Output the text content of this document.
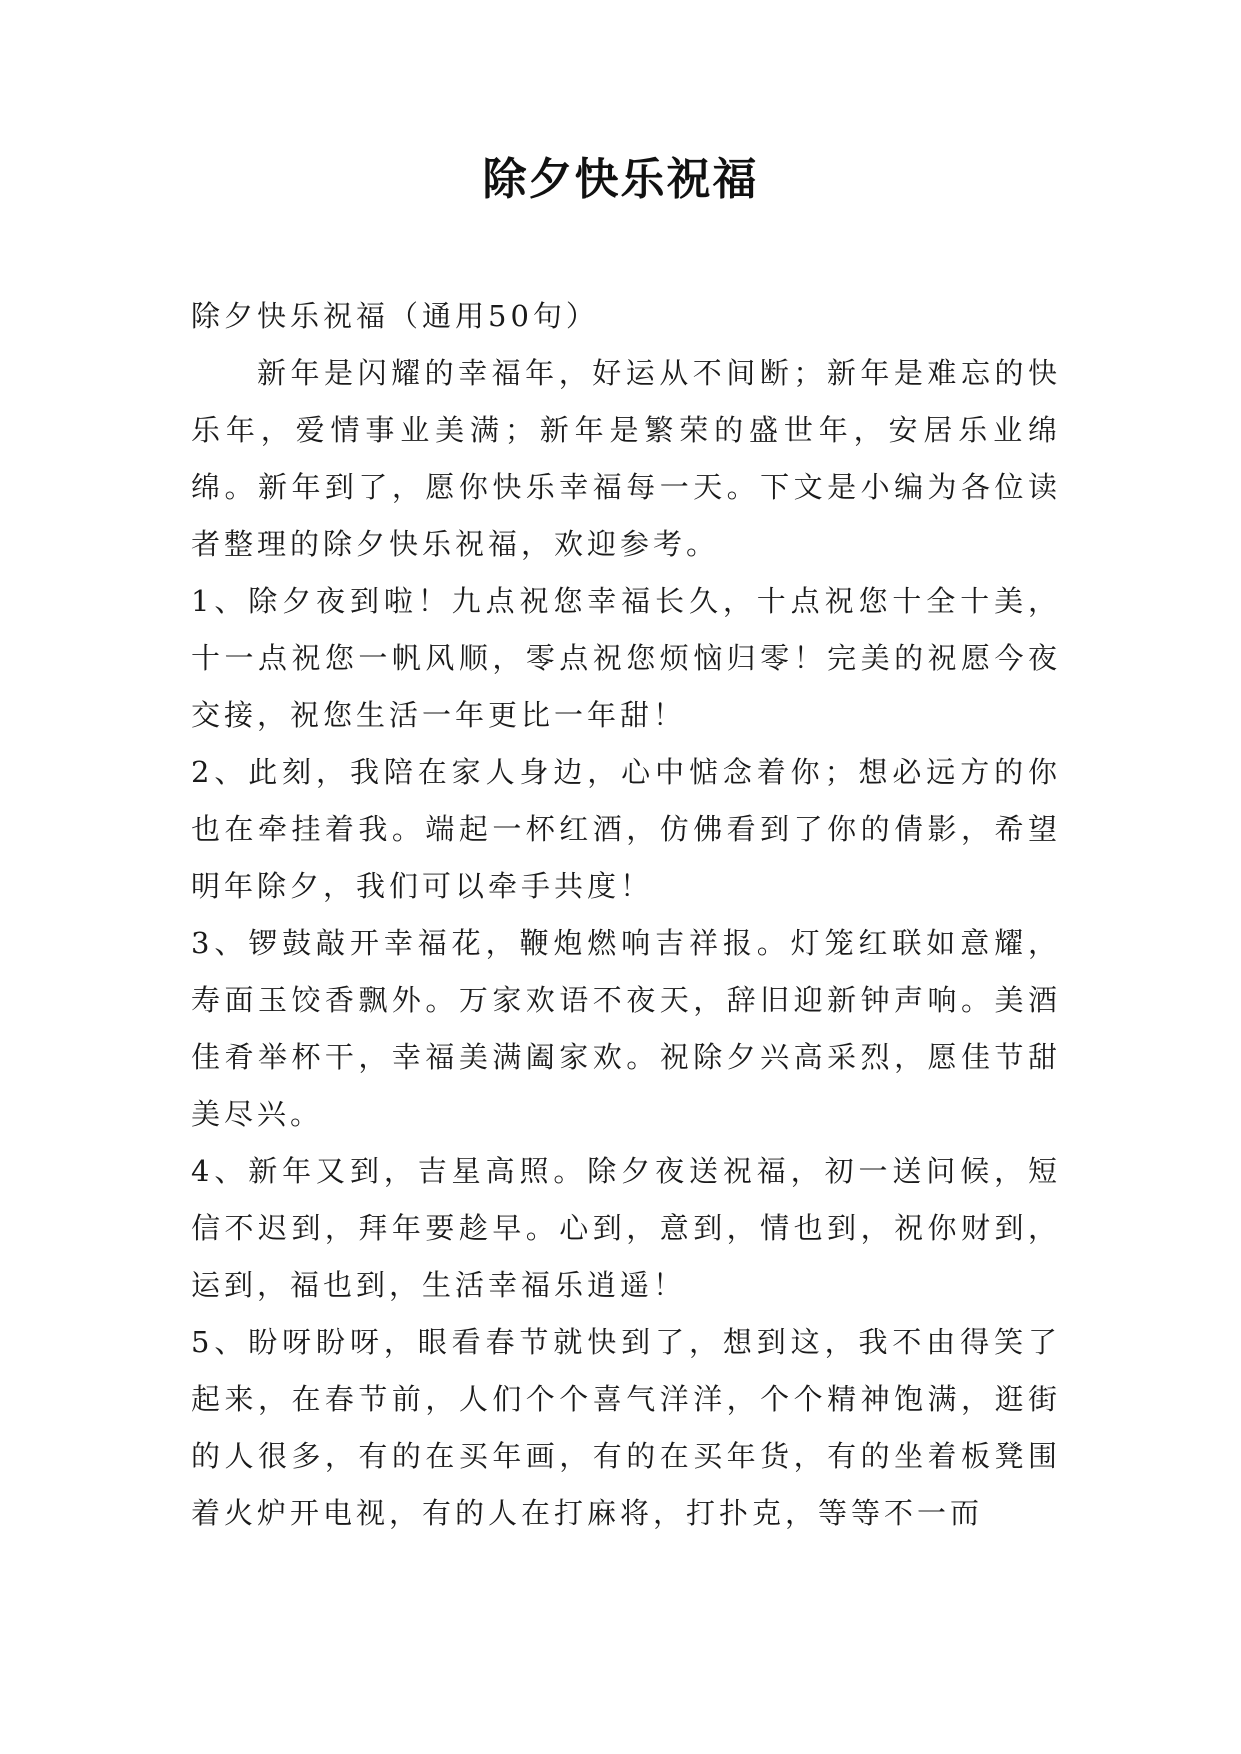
除夕快乐祝福

除夕快乐祝福（通用50句）

新年是闪耀的幸福年，好运从不间断；新年是难忘的快乐年，爱情事业美满；新年是繁荣的盛世年，安居乐业绵绵。新年到了，愿你快乐幸福每一天。下文是小编为各位读者整理的除夕快乐祝福，欢迎参考。

1、除夕夜到啦！九点祝您幸福长久，十点祝您十全十美，十一点祝您一帆风顺，零点祝您烦恼归零！完美的祝愿今夜交接，祝您生活一年更比一年甜！

2、此刻，我陪在家人身边，心中惦念着你；想必远方的你也在牵挂着我。端起一杯红酒，仿佛看到了你的倩影，希望明年除夕，我们可以牵手共度！

3、锣鼓敲开幸福花，鞭炮燃响吉祥报。灯笼红联如意耀，寿面玉饺香飘外。万家欢语不夜天，辞旧迎新钟声响。美酒佳肴举杯干，幸福美满阖家欢。祝除夕兴高采烈，愿佳节甜美尽兴。

4、新年又到，吉星高照。除夕夜送祝福，初一送问候，短信不迟到，拜年要趁早。心到，意到，情也到，祝你财到，运到，福也到，生活幸福乐逍遥！

5、盼呀盼呀，眼看春节就快到了，想到这，我不由得笑了起来，在春节前，人们个个喜气洋洋，个个精神饱满，逛街的人很多，有的在买年画，有的在买年货，有的坐着板凳围着火炉开电视，有的人在打麻将，打扑克，等等不一而
